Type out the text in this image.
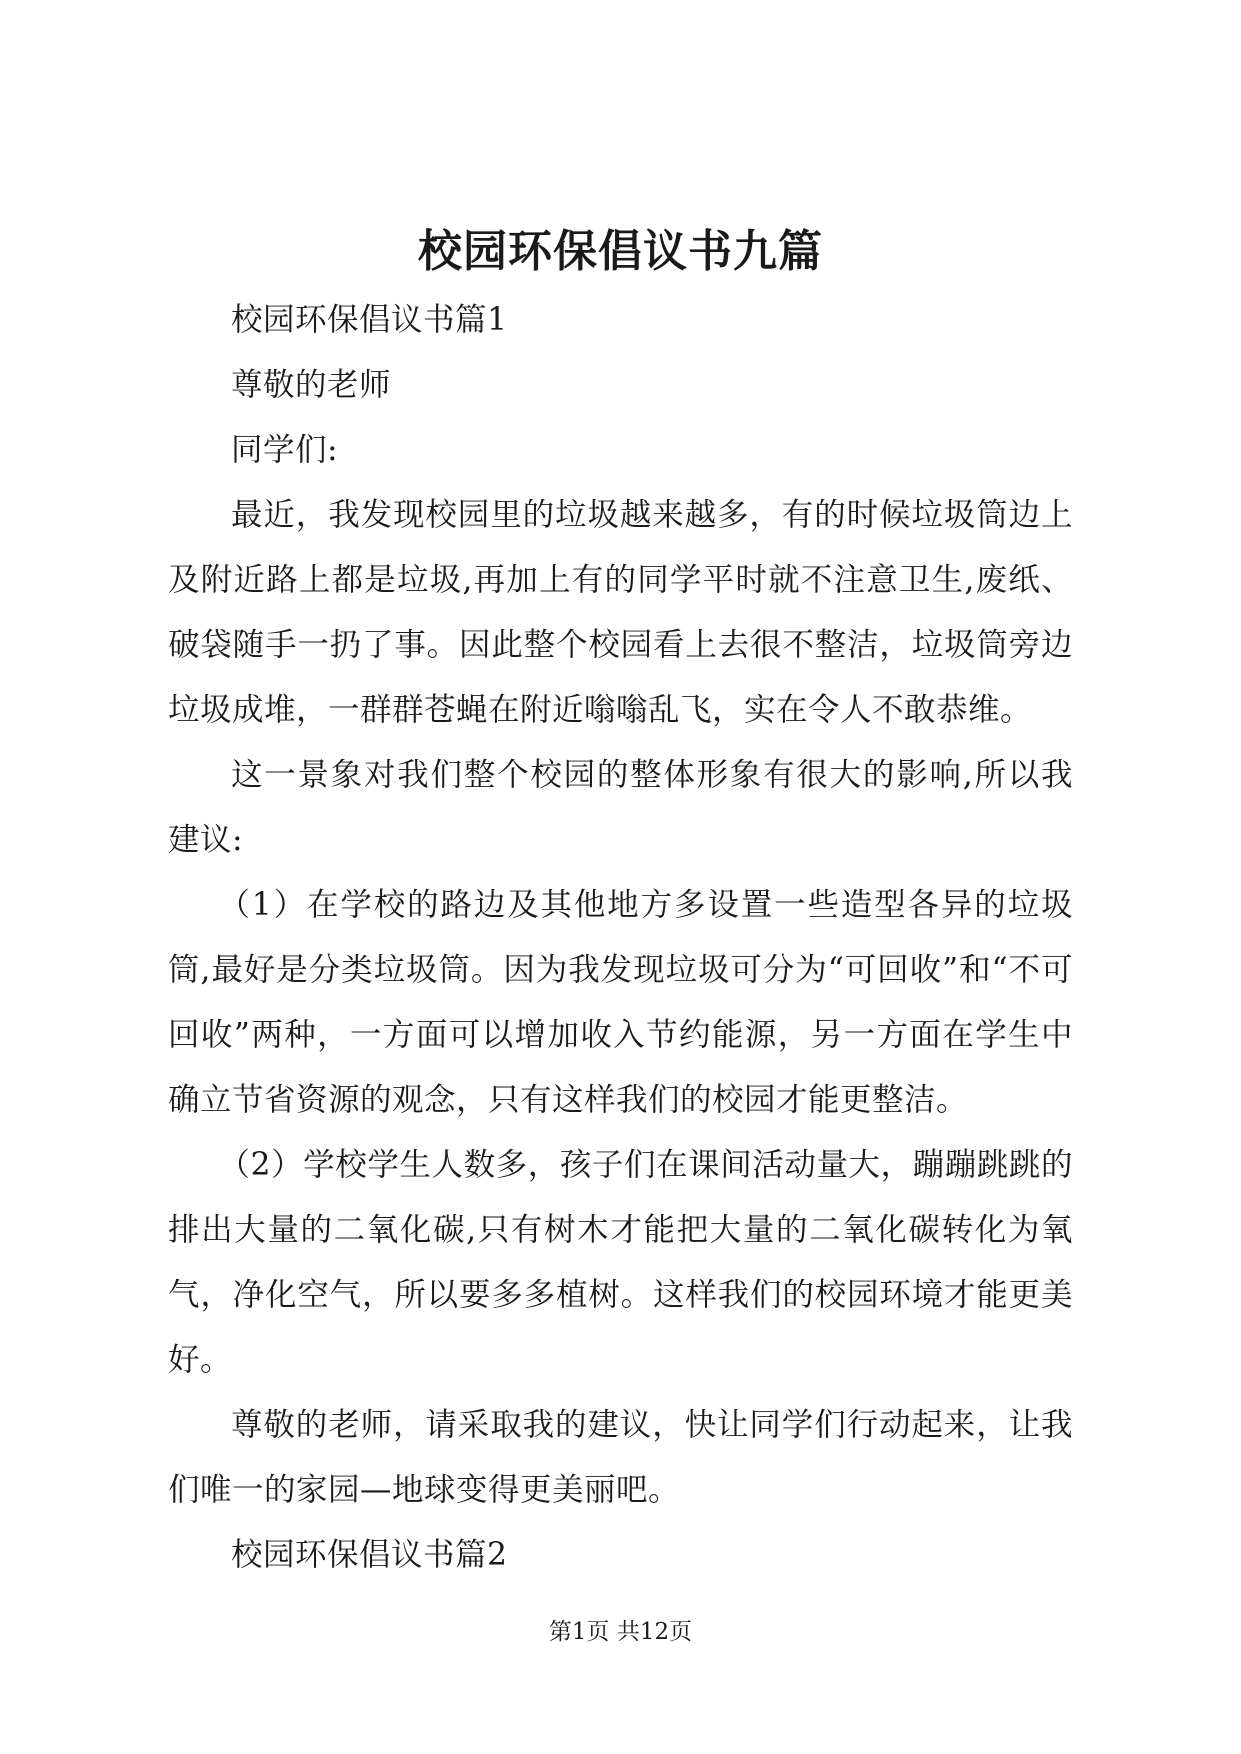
校园环保倡议书九篇

校园环保倡议书篇1

尊敬的老师

同学们:

最近，我发现校园里的垃圾越来越多，有的时候垃圾筒边上及附近路上都是垃圾,再加上有的同学平时就不注意卫生,废纸、破袋随手一扔了事。因此整个校园看上去很不整洁，垃圾筒旁边垃圾成堆，一群群苍蝇在附近嗡嗡乱飞，实在令人不敢恭维。

这一景象对我们整个校园的整体形象有很大的影响,所以我建议:

（1）在学校的路边及其他地方多设置一些造型各异的垃圾筒,最好是分类垃圾筒。因为我发现垃圾可分为“可回收”和“不可回收”两种，一方面可以增加收入节约能源，另一方面在学生中确立节省资源的观念，只有这样我们的校园才能更整洁。

（2）学校学生人数多，孩子们在课间活动量大，蹦蹦跳跳的排出大量的二氧化碳,只有树木才能把大量的二氧化碳转化为氧气，净化空气，所以要多多植树。这样我们的校园环境才能更美好。

尊敬的老师，请采取我的建议，快让同学们行动起来，让我们唯一的家园—地球变得更美丽吧。

校园环保倡议书篇2

第1页 共12页
